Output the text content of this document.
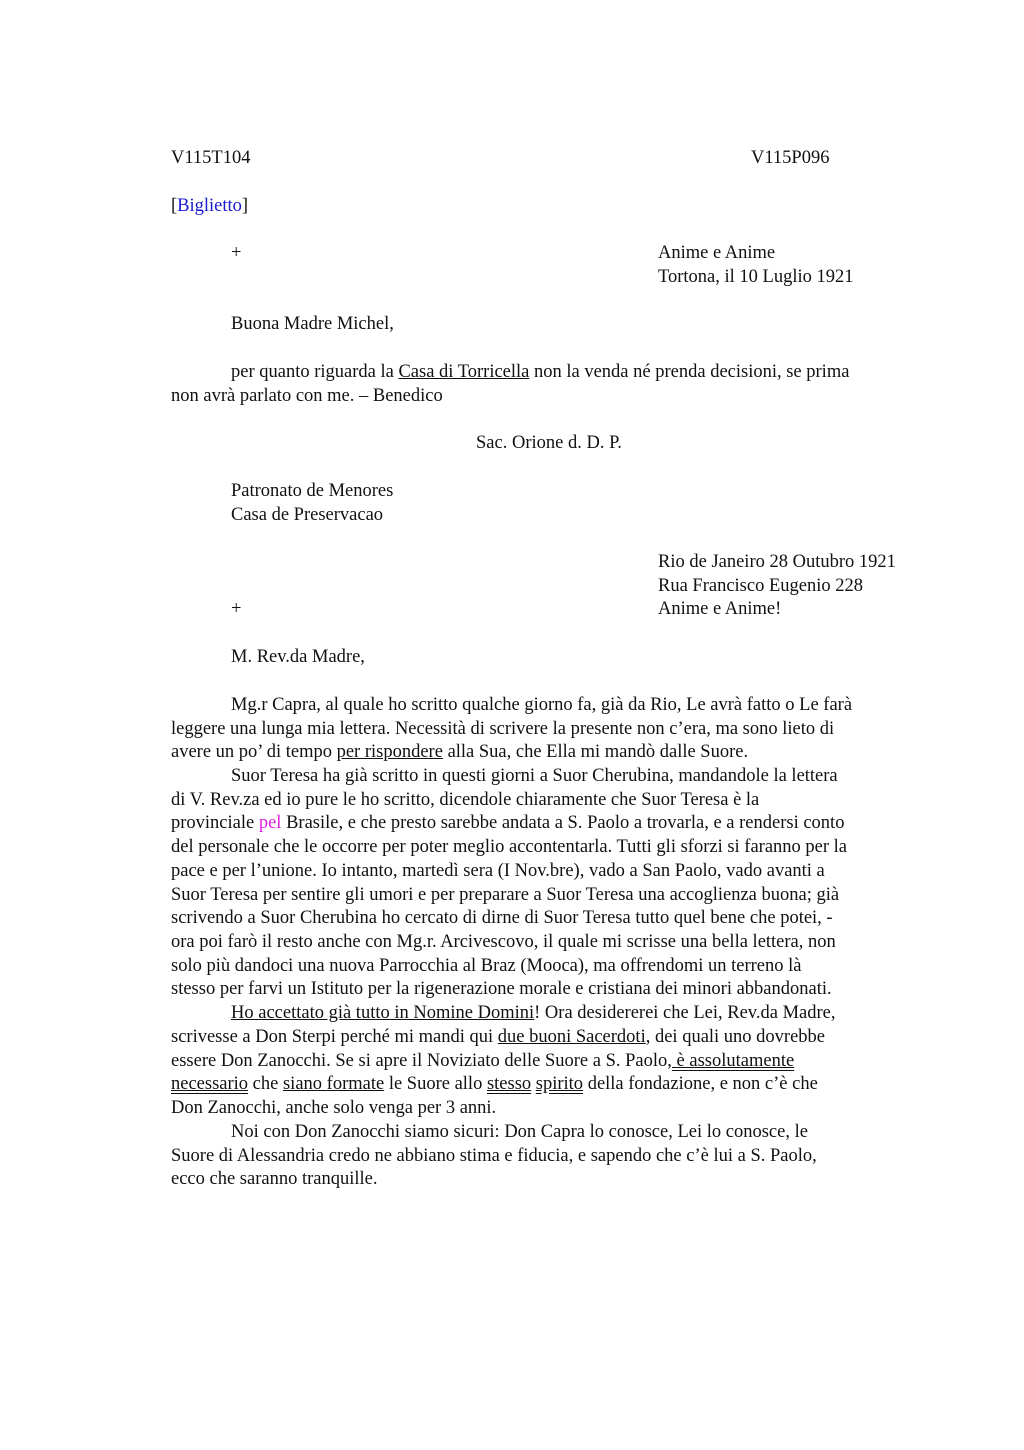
V115T104	V115P096
[Biglietto]
+	Anime e Anime
Tortona, il 10 Luglio 1921
Buona Madre Michel,
per quanto riguarda la Casa di Torricella non la venda né prenda decisioni, se prima
non avrà parlato con me. – Benedico
Sac. Orione d. D. P.
Patronato de Menores
Casa de Preservacao
Rio de Janeiro 28 Outubro 1921
Rua Francisco Eugenio 228
+	Anime e Anime!
M. Rev.da Madre,
Mg.r Capra, al quale ho scritto qualche giorno fa, già da Rio, Le avrà fatto o Le farà
leggere una lunga mia lettera. Necessità di scrivere la presente non c’era, ma sono lieto di
avere un po’ di tempo per rispondere alla Sua, che Ella mi mandò dalle Suore.
Suor Teresa ha già scritto in questi giorni a Suor Cherubina, mandandole la lettera
di V. Rev.za ed io pure le ho scritto, dicendole chiaramente che Suor Teresa è la
provinciale pel Brasile, e che presto sarebbe andata a S. Paolo a trovarla, e a rendersi conto
del personale che le occorre per poter meglio accontentarla. Tutti gli sforzi si faranno per la
pace e per l’unione. Io intanto, martedì sera (I Nov.bre), vado a San Paolo, vado avanti a
Suor Teresa per sentire gli umori e per preparare a Suor Teresa una accoglienza buona; già
scrivendo a Suor Cherubina ho cercato di dirne di Suor Teresa tutto quel bene che potei, -
ora poi farò il resto anche con Mg.r. Arcivescovo, il quale mi scrisse una bella lettera, non
solo più dandoci una nuova Parrocchia al Braz (Mooca), ma offrendomi un terreno là
stesso per farvi un Istituto per la rigenerazione morale e cristiana dei minori abbandonati.
Ho accettato già tutto in Nomine Domini! Ora desidererei che Lei, Rev.da Madre,
scrivesse a Don Sterpi perché mi mandi qui due buoni Sacerdoti, dei quali uno dovrebbe
essere Don Zanocchi. Se si apre il Noviziato delle Suore a S. Paolo, è assolutamente
necessario che siano formate le Suore allo stesso spirito della fondazione, e non c’è che
Don Zanocchi, anche solo venga per 3 anni.
Noi con Don Zanocchi siamo sicuri: Don Capra lo conosce, Lei lo conosce, le
Suore di Alessandria credo ne abbiano stima e fiducia, e sapendo che c’è lui a S. Paolo,
ecco che saranno tranquille.
